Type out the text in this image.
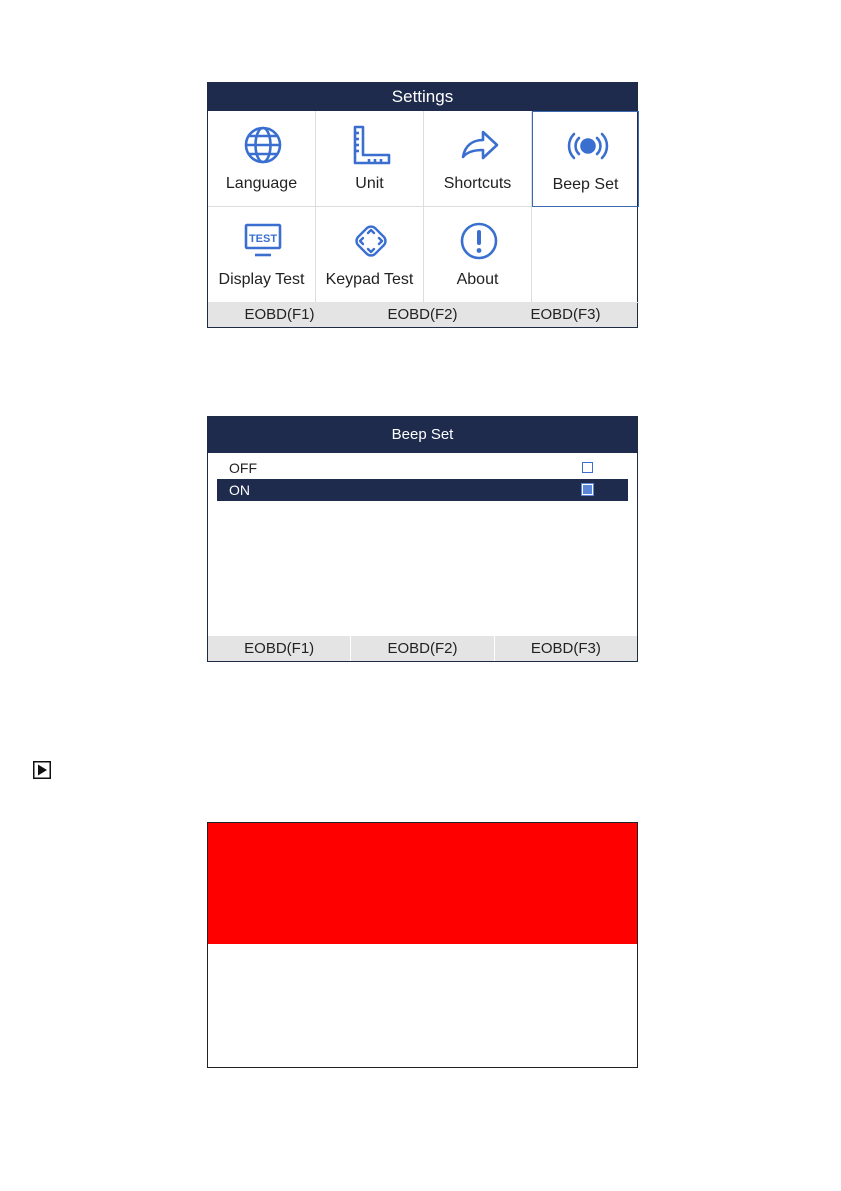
Settings
Language	Unit	Shortcuts	Beep Set
TEST
Display Test	Keypad Test	About
EOBD(F1)	EOBD(F2)	EOBD(F3)
Beep Set
OFF
ON
EOBD(F1)	EOBD(F2)	EOBD(F3)
